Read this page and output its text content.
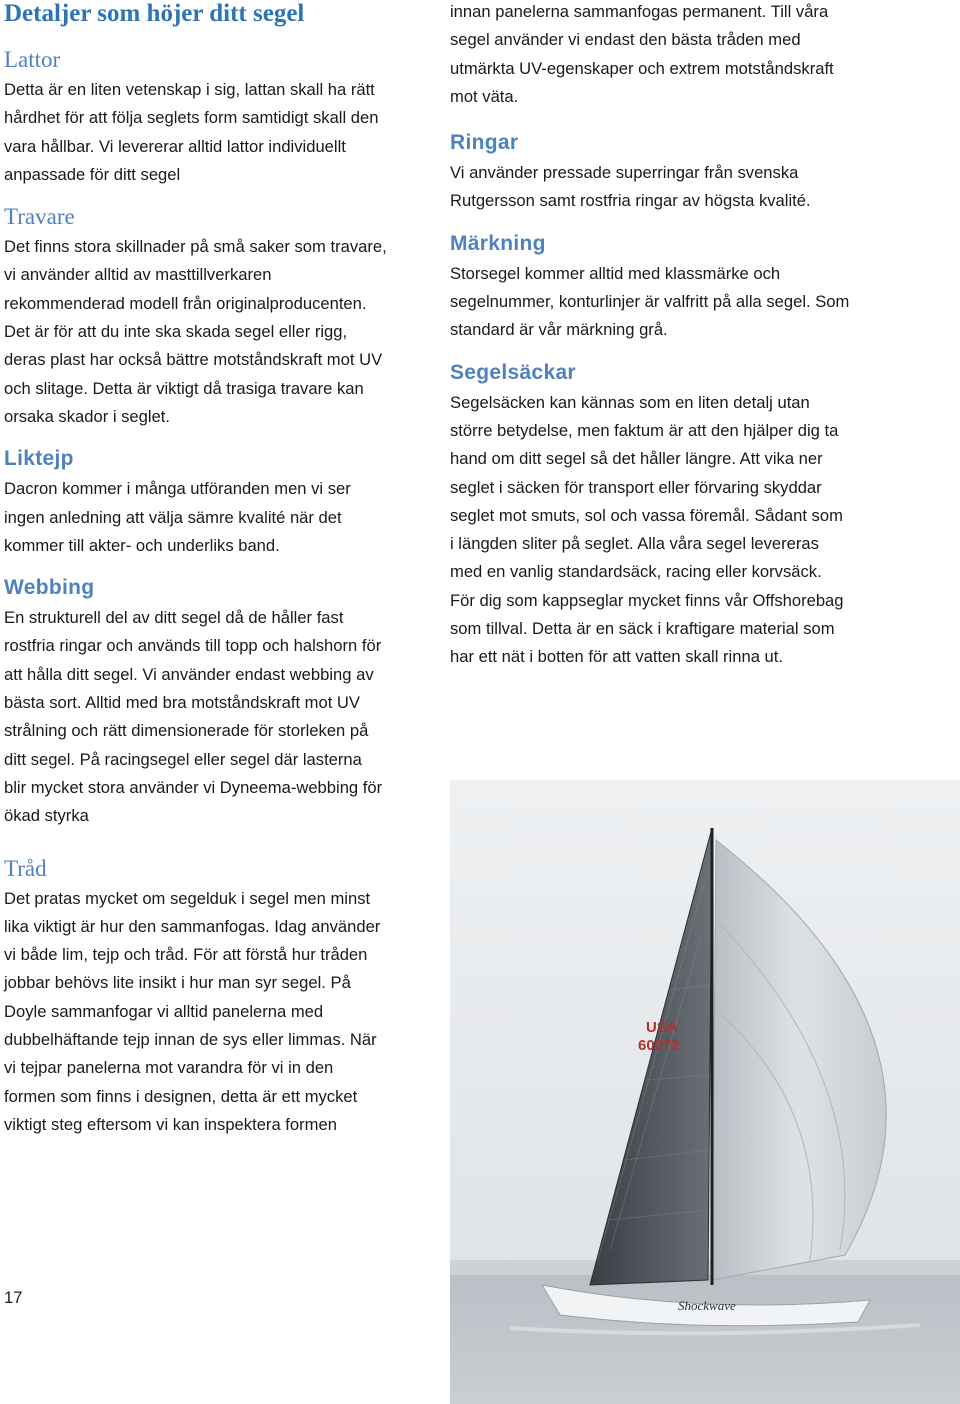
Detaljer som höjer ditt segel
Lattor

Detta är en liten vetenskap i sig, lattan skall ha rätt hårdhet för att följa seglets form samtidigt skall den vara hållbar. Vi levererar alltid lattor individuellt anpassade för ditt segel

Travare

Det finns stora skillnader på små saker som travare, vi använder alltid av masttillverkaren rekommenderad modell från originalproducenten. Det är för att du inte ska skada segel eller rigg, deras plast har också bättre motståndskraft mot UV och slitage. Detta är viktigt då trasiga travare kan orsaka skador i seglet.

Liktejp

Dacron kommer i många utföranden men vi ser ingen anledning att välja sämre kvalité när det kommer till akter- och underliks band.

Webbing

En strukturell del av ditt segel då de håller fast rostfria ringar och används till topp och halshorn för att hålla ditt segel. Vi använder endast webbing av bästa sort. Alltid med bra motståndskraft mot UV strålning och rätt dimensionerade för storleken på ditt segel. På racingsegel eller segel där lasterna blir mycket stora använder vi Dyneema-webbing för ökad styrka

Tråd

Det pratas mycket om segelduk i segel men minst lika viktigt är hur den sammanfogas. Idag använder vi både lim, tejp och tråd. För att förstå hur tråden jobbar behövs lite insikt i hur man syr segel. På Doyle sammanfogar vi alltid panelerna med dubbelhäftande tejp innan de sys eller limmas. När vi tejpar panelerna mot varandra för vi in den formen som finns i designen, detta är ett mycket viktigt steg eftersom vi kan inspektera formen

innan panelerna sammanfogas permanent. Till våra segel använder vi endast den bästa tråden med utmärkta UV-egenskaper och extrem motståndskraft mot väta.

Ringar

Vi använder pressade superringar från svenska Rutgersson samt rostfria ringar av högsta kvalité.

Märkning

Storsegel kommer alltid med klassmärke och segelnummer, konturlinjer är valfritt på alla segel. Som standard är vår märkning grå.

Segelsäckar

Segelsäcken kan kännas som en liten detalj utan större betydelse, men faktum är att den hjälper dig ta hand om ditt segel så det håller längre. Att vika ner seglet i säcken för transport eller förvaring skyddar seglet mot smuts, sol och vassa föremål. Sådant som i längden sliter på seglet. Alla våra segel levereras med en vanlig standardsäck, racing eller korvsäck. För dig som kappseglar mycket finns vår Offshorebag som tillval. Detta är en säck i kraftigare material som har ett nät i botten för att vatten skall rinna ut.

USA
60272
Shockwave
17
